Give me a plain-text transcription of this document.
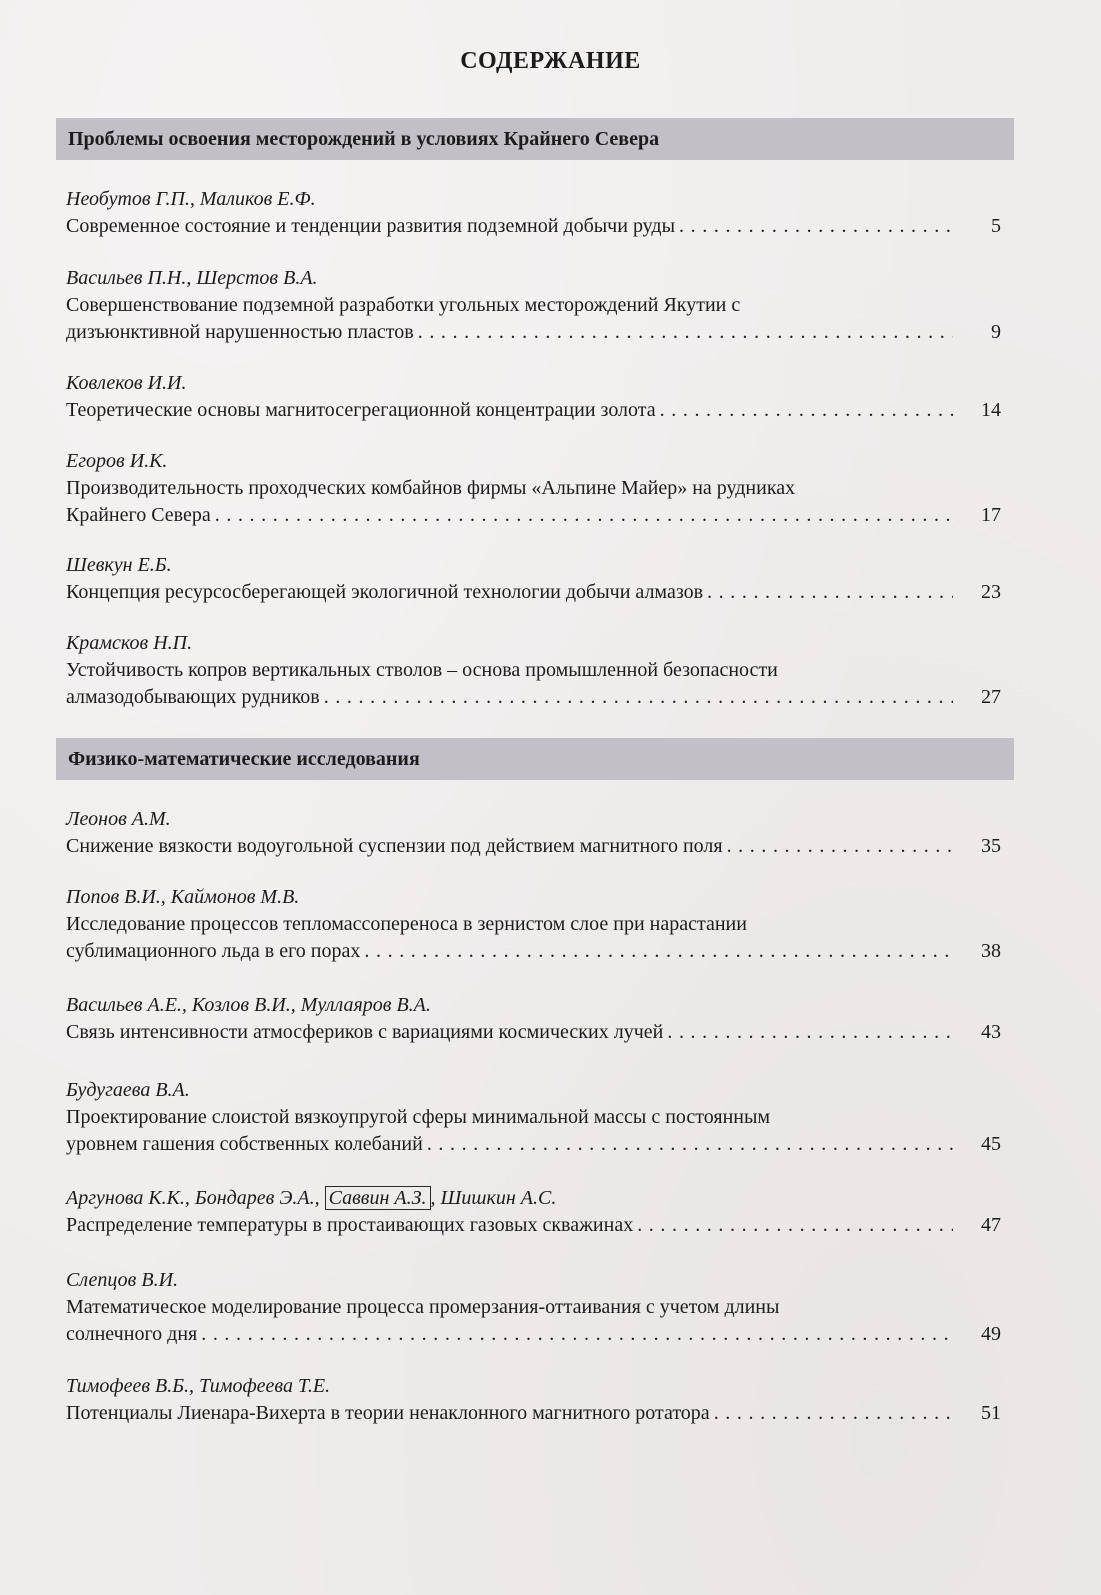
СОДЕРЖАНИЕ
Проблемы освоения месторождений в условиях Крайнего Севера
Необутов Г.П., Маликов Е.Ф.
Современное состояние и тенденции развития подземной добычи руды . . .	5
Васильев П.Н., Шерстов В.А.
Совершенствование подземной разработки угольных месторождений Якутии с
дизъюнктивной нарушенностью пластов . . .	9
Ковлеков И.И.
Теоретические основы магнитосегрегационной концентрации золота . . .	14
Егоров И.К.
Производительность проходческих комбайнов фирмы «Альпине Майер» на рудниках
Крайнего Севера . . .	17
Шевкун Е.Б.
Концепция ресурсосберегающей экологичной технологии добычи алмазов . . .	23
Крамсков Н.П.
Устойчивость копров вертикальных стволов – основа промышленной безопасности
алмазодобывающих рудников . . .	27
Физико-математические исследования
Леонов А.М.
Снижение вязкости водоугольной суспензии под действием магнитного поля . . .	35
Попов В.И., Каймонов М.В.
Исследование процессов тепломассопереноса в зернистом слое при нарастании
сублимационного льда в его порах . . .	38
Васильев А.Е., Козлов В.И., Муллаяров В.А.
Связь интенсивности атмосфериков с вариациями космических лучей . . .	43
Будугаева В.А.
Проектирование слоистой вязкоупругой сферы минимальной массы с постоянным
уровнем гашения собственных колебаний . . .	45
Аргунова К.К., Бондарев Э.А., Саввин А.З. , Шишкин А.С.
Распределение температуры в простаивающих газовых скважинах . . .	47
Слепцов В.И.
Математическое моделирование процесса промерзания-оттаивания с учетом длины
солнечного дня . . .	49
Тимофеев В.Б., Тимофеева Т.Е.
Потенциалы Лиенара-Вихерта в теории ненаклонного магнитного ротатора . . .	51
